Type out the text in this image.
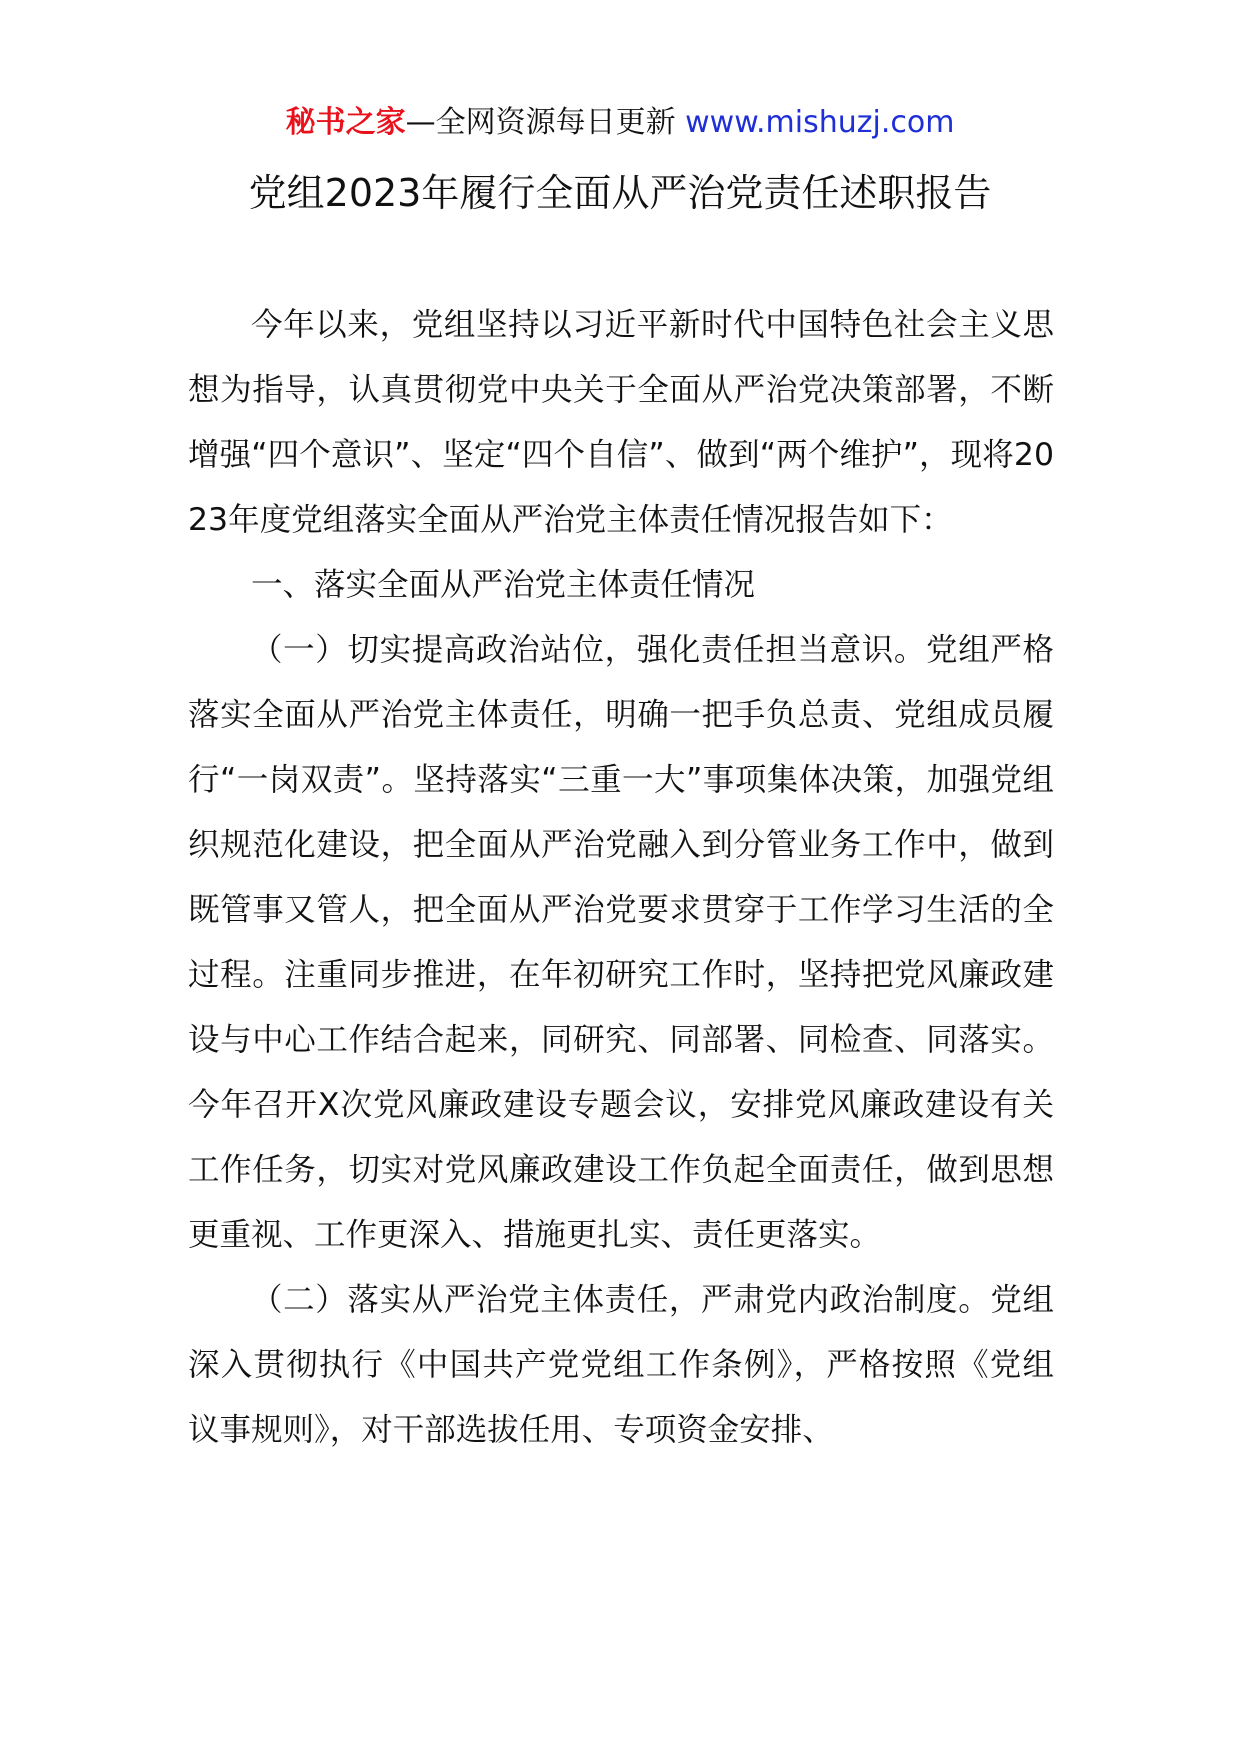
秘书之家—全网资源每日更新 www.mishuzj.com
党组2023年履行全面从严治党责任述职报告

今年以来，党组坚持以习近平新时代中国特色社会主义思想为指导，认真贯彻党中央关于全面从严治党决策部署，不断增强“四个意识”、坚定“四个自信”、做到“两个维护”，现将2023年度党组落实全面从严治党主体责任情况报告如下：

一、落实全面从严治党主体责任情况

（一）切实提高政治站位，强化责任担当意识。党组严格落实全面从严治党主体责任，明确一把手负总责、党组成员履行“一岗双责”。坚持落实“三重一大”事项集体决策，加强党组织规范化建设，把全面从严治党融入到分管业务工作中，做到既管事又管人，把全面从严治党要求贯穿于工作学习生活的全过程。注重同步推进，在年初研究工作时，坚持把党风廉政建设与中心工作结合起来，同研究、同部署、同检查、同落实。今年召开X次党风廉政建设专题会议，安排党风廉政建设有关工作任务，切实对党风廉政建设工作负起全面责任，做到思想更重视、工作更深入、措施更扎实、责任更落实。

（二）落实从严治党主体责任，严肃党内政治制度。党组深入贯彻执行《中国共产党党组工作条例》，严格按照《党组议事规则》，对干部选拔任用、专项资金安排、
